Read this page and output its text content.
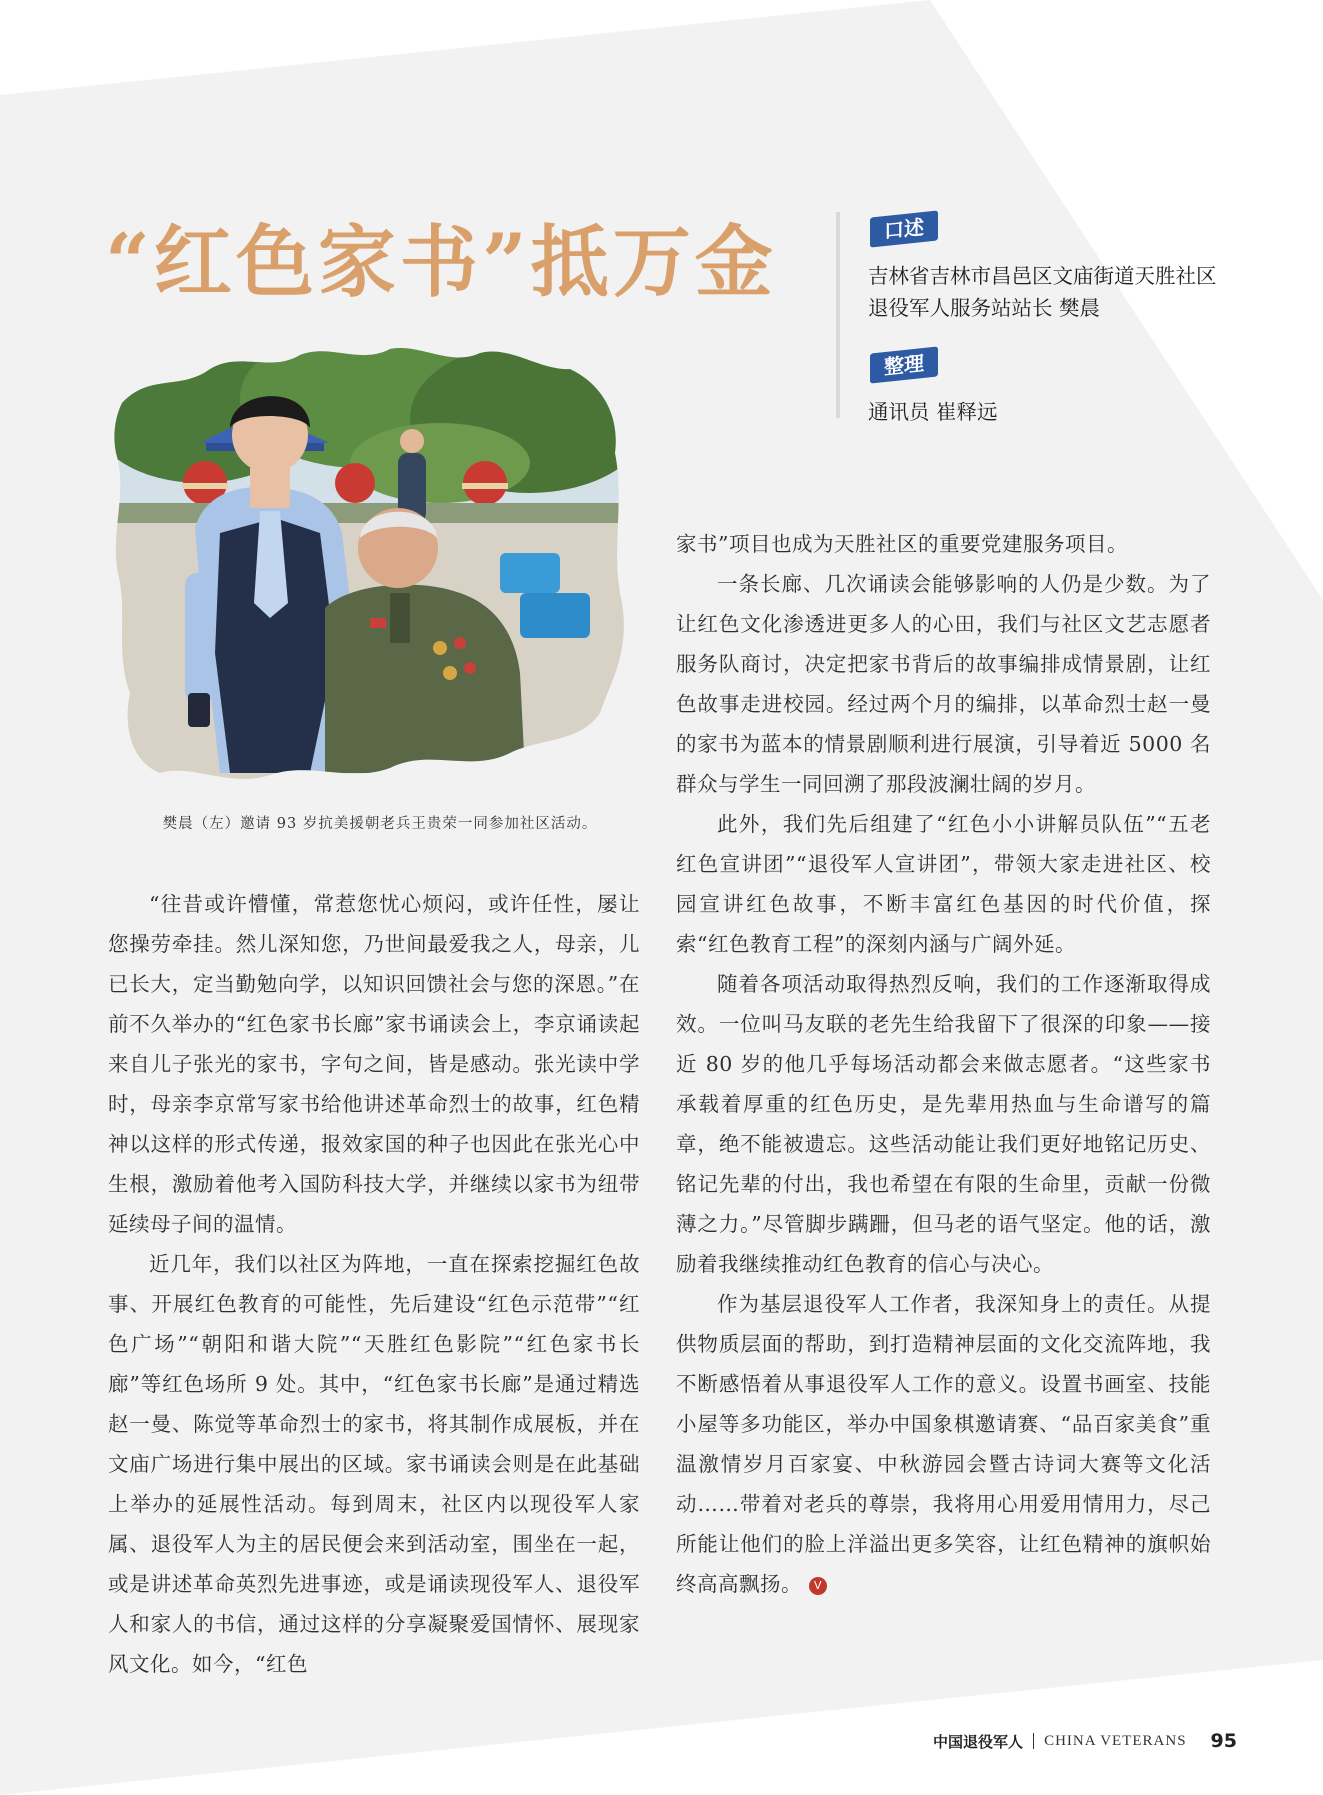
“红色家书”抵万金	口述
吉林省吉林市昌邑区文庙街道天胜社区退役军人服务站站长 樊晨
整理
通讯员 崔释远
樊晨（左）邀请 93 岁抗美援朝老兵王贵荣一同参加社区活动。

“往昔或许懵懂，常惹您忧心烦闷，或许任性，屡让您操劳牵挂。然儿深知您，乃世间最爱我之人，母亲，儿已长大，定当勤勉向学，以知识回馈社会与您的深恩。”在前不久举办的“红色家书长廊”家书诵读会上，李京诵读起来自儿子张光的家书，字句之间，皆是感动。张光读中学时，母亲李京常写家书给他讲述革命烈士的故事，红色精神以这样的形式传递，报效家国的种子也因此在张光心中生根，激励着他考入国防科技大学，并继续以家书为纽带延续母子间的温情。

近几年，我们以社区为阵地，一直在探索挖掘红色故事、开展红色教育的可能性，先后建设“红色示范带”“红色广场”“朝阳和谐大院”“天胜红色影院”“红色家书长廊”等红色场所 9 处。其中，“红色家书长廊”是通过精选赵一曼、陈觉等革命烈士的家书，将其制作成展板，并在文庙广场进行集中展出的区域。家书诵读会则是在此基础上举办的延展性活动。每到周末，社区内以现役军人家属、退役军人为主的居民便会来到活动室，围坐在一起，或是讲述革命英烈先进事迹，或是诵读现役军人、退役军人和家人的书信，通过这样的分享凝聚爱国情怀、展现家风文化。如今，“红色

家书”项目也成为天胜社区的重要党建服务项目。

一条长廊、几次诵读会能够影响的人仍是少数。为了让红色文化渗透进更多人的心田，我们与社区文艺志愿者服务队商讨，决定把家书背后的故事编排成情景剧，让红色故事走进校园。经过两个月的编排，以革命烈士赵一曼的家书为蓝本的情景剧顺利进行展演，引导着近 5000 名群众与学生一同回溯了那段波澜壮阔的岁月。

此外，我们先后组建了“红色小小讲解员队伍”“五老红色宣讲团”“退役军人宣讲团”，带领大家走进社区、校园宣讲红色故事，不断丰富红色基因的时代价值，探索“红色教育工程”的深刻内涵与广阔外延。

随着各项活动取得热烈反响，我们的工作逐渐取得成效。一位叫马友联的老先生给我留下了很深的印象——接近 80 岁的他几乎每场活动都会来做志愿者。“这些家书承载着厚重的红色历史，是先辈用热血与生命谱写的篇章，绝不能被遗忘。这些活动能让我们更好地铭记历史、铭记先辈的付出，我也希望在有限的生命里，贡献一份微薄之力。”尽管脚步蹒跚，但马老的语气坚定。他的话，激励着我继续推动红色教育的信心与决心。

作为基层退役军人工作者，我深知身上的责任。从提供物质层面的帮助，到打造精神层面的文化交流阵地，我不断感悟着从事退役军人工作的意义。设置书画室、技能小屋等多功能区，举办中国象棋邀请赛、“品百家美食”重温激情岁月百家宴、中秋游园会暨古诗词大赛等文化活动……带着对老兵的尊崇，我将用心用爱用情用力，尽己所能让他们的脸上洋溢出更多笑容，让红色精神的旗帜始终高高飘扬。 V

中国退役军人 CHINA VETERANS 95
